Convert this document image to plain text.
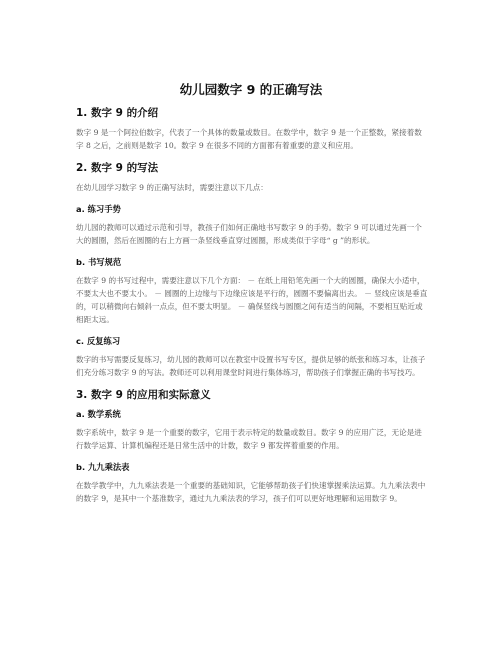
幼儿园数字 9 的正确写法
1. 数字 9 的介绍

数字 9 是一个阿拉伯数字，代表了一个具体的数量或数目。在数学中，数字 9 是一个正整数，紧接着数字 8 之后，之前则是数字 10。数字 9 在很多不同的方面都有着重要的意义和应用。

2. 数字 9 的写法

在幼儿园学习数字 9 的正确写法时，需要注意以下几点：

a. 练习手势

幼儿园的教师可以通过示范和引导，教孩子们如何正确地书写数字 9 的手势。数字 9 可以通过先画一个大的圆圈，然后在圆圈的右上方画一条竖线垂直穿过圆圈，形成类似于字母“ g ”的形状。

b. 书写规范

在数字 9 的书写过程中，需要注意以下几个方面： － 在纸上用铅笔先画一个大的圆圈，确保大小适中，不要太大也不要太小。 － 圆圈的上边缘与下边缘应该是平行的，圆圈不要偏离出去。 － 竖线应该是垂直的，可以稍微向右倾斜一点点，但不要太明显。 － 确保竖线与圆圈之间有适当的间隔，不要相互贴近或相距太远。

c. 反复练习

数字的书写需要反复练习，幼儿园的教师可以在教室中设置书写专区，提供足够的纸张和练习本，让孩子们充分练习数字 9 的写法。教师还可以利用课堂时间进行集体练习，帮助孩子们掌握正确的书写技巧。

3. 数字 9 的应用和实际意义
a. 数学系统

数字系统中，数字 9 是一个重要的数字，它用于表示特定的数量或数目。数字 9 的应用广泛，无论是进行数学运算、计算机编程还是日常生活中的计数，数字 9 都发挥着重要的作用。

b. 九九乘法表

在数学教学中，九九乘法表是一个重要的基础知识，它能够帮助孩子们快速掌握乘法运算。九九乘法表中的数字 9，是其中一个基准数字，通过九九乘法表的学习，孩子们可以更好地理解和运用数字 9。
